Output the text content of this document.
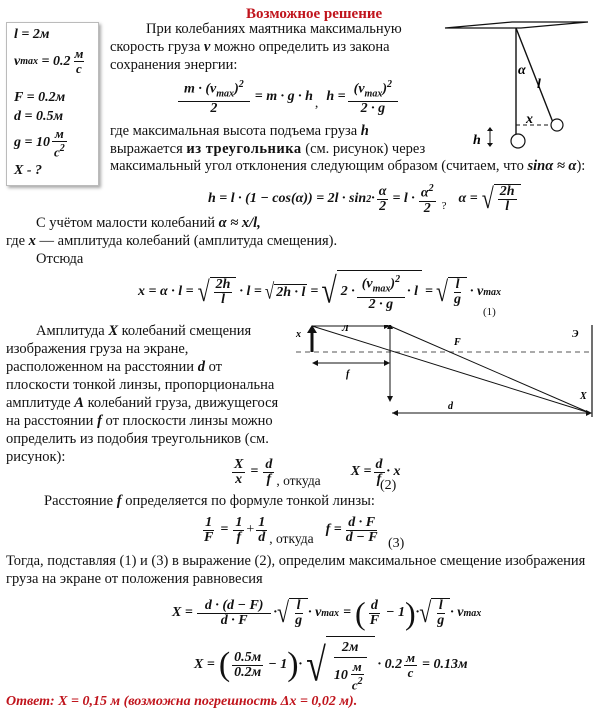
Возможное решение
l = 2м
v max
= $0.2 \frac{м}{с}$
F = 0.2м
d = 0.5м
$g = 10 \frac{м}{с^2}$
X - ?
При колебаниях маятника максимальную
скорость груза v можно определить из закона
сохранения энергии:
$\frac{m \cdot (v_{max})^2}{2} = m \cdot g \cdot h$ , $h = \frac{(v_{max})^2}{2 \cdot g}$
где максимальная высота подъема груза h
выражается из треугольника (см. рисунок) через
максимальный угол отклонения следующим образом (считаем, что sinα ≈ α):
$h = l \cdot (1 - \cos(\alpha)) = 2l \cdot \sin 2 \cdot \frac{\alpha}{2} = l \cdot \frac{\alpha^2}{2}$ ? α = √ $\frac{2h}{l}$
С учётом малости колебаний α ≈ x/l,
где x — амплитуда колебаний (амплитуда смещения).
Отсюда
x = α · l = √ $\frac{2h}{l} \cdot l$ = √ 2h · l = √ $2 \cdot \frac{(v_{max})^2}{2 \cdot g} \cdot l$ = √ $\frac{l}{g} \cdot v$ max
(1)
Амплитуда X колебаний смещения
изображения груза на экране,
расположенном на расстоянии d от
плоскости тонкой линзы, пропорциональна
амплитуде A колебаний груза, движущегося
на расстоянии f от плоскости линзы можно
определить из подобия треугольников (см.
рисунок):
$\frac{X}{x} = \frac{d}{f}$ , откуда
$X = \frac{d}{f} \cdot x$
(2)
Расстояние f определяется по формуле тонкой линзы:
$\frac{1}{F} = \frac{1}{f} + \frac{1}{d}$ , откуда
$f = \frac{d \cdot F}{d - F} (3)$
Тогда, подставляя (1) и (3) в выражение (2), определим максимальное смещение изображения
груза на экране от положения равновесия
$X = \frac{d \cdot (d - F)}{d \cdot F}$ · √ $\frac{l}{g} \cdot v$ max = ( $\frac{d}{F} - 1$ ) · √ $\frac{l}{g} \cdot v$ max
X = ( $\frac{0.5м}{0.2м} - 1$ ) · √ $\frac{2м}{10 \frac{м}{с^2}} \cdot 0.2 \frac{м}{с} = 0.13м$
Ответ: X = 0,15 м (возможна погрешность Δx = 0,02 м).
α
l
x
h
Л
x
F
Э
f
X
d
